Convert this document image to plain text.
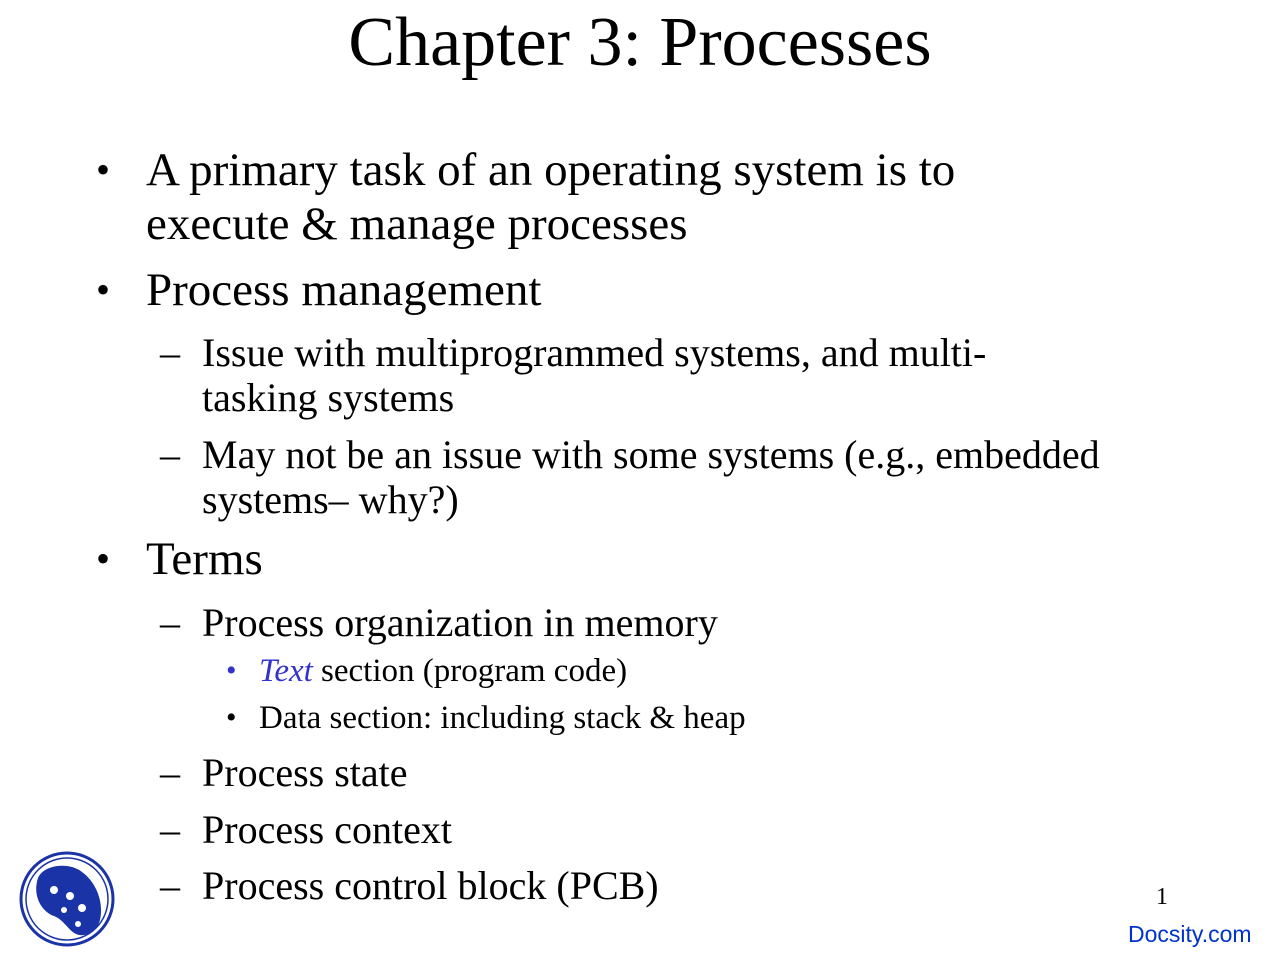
Chapter 3: Processes
• A primary task of an operating system is to
execute & manage processes
• Process management
– Issue with multiprogrammed systems, and multi-
tasking systems
– May not be an issue with some systems (e.g., embedded
systems– why?)
• Terms
– Process organization in memory
• Text section (program code)
• Data section: including stack & heap
– Process state
– Process context
– Process control block (PCB)	1
Docsity.com
